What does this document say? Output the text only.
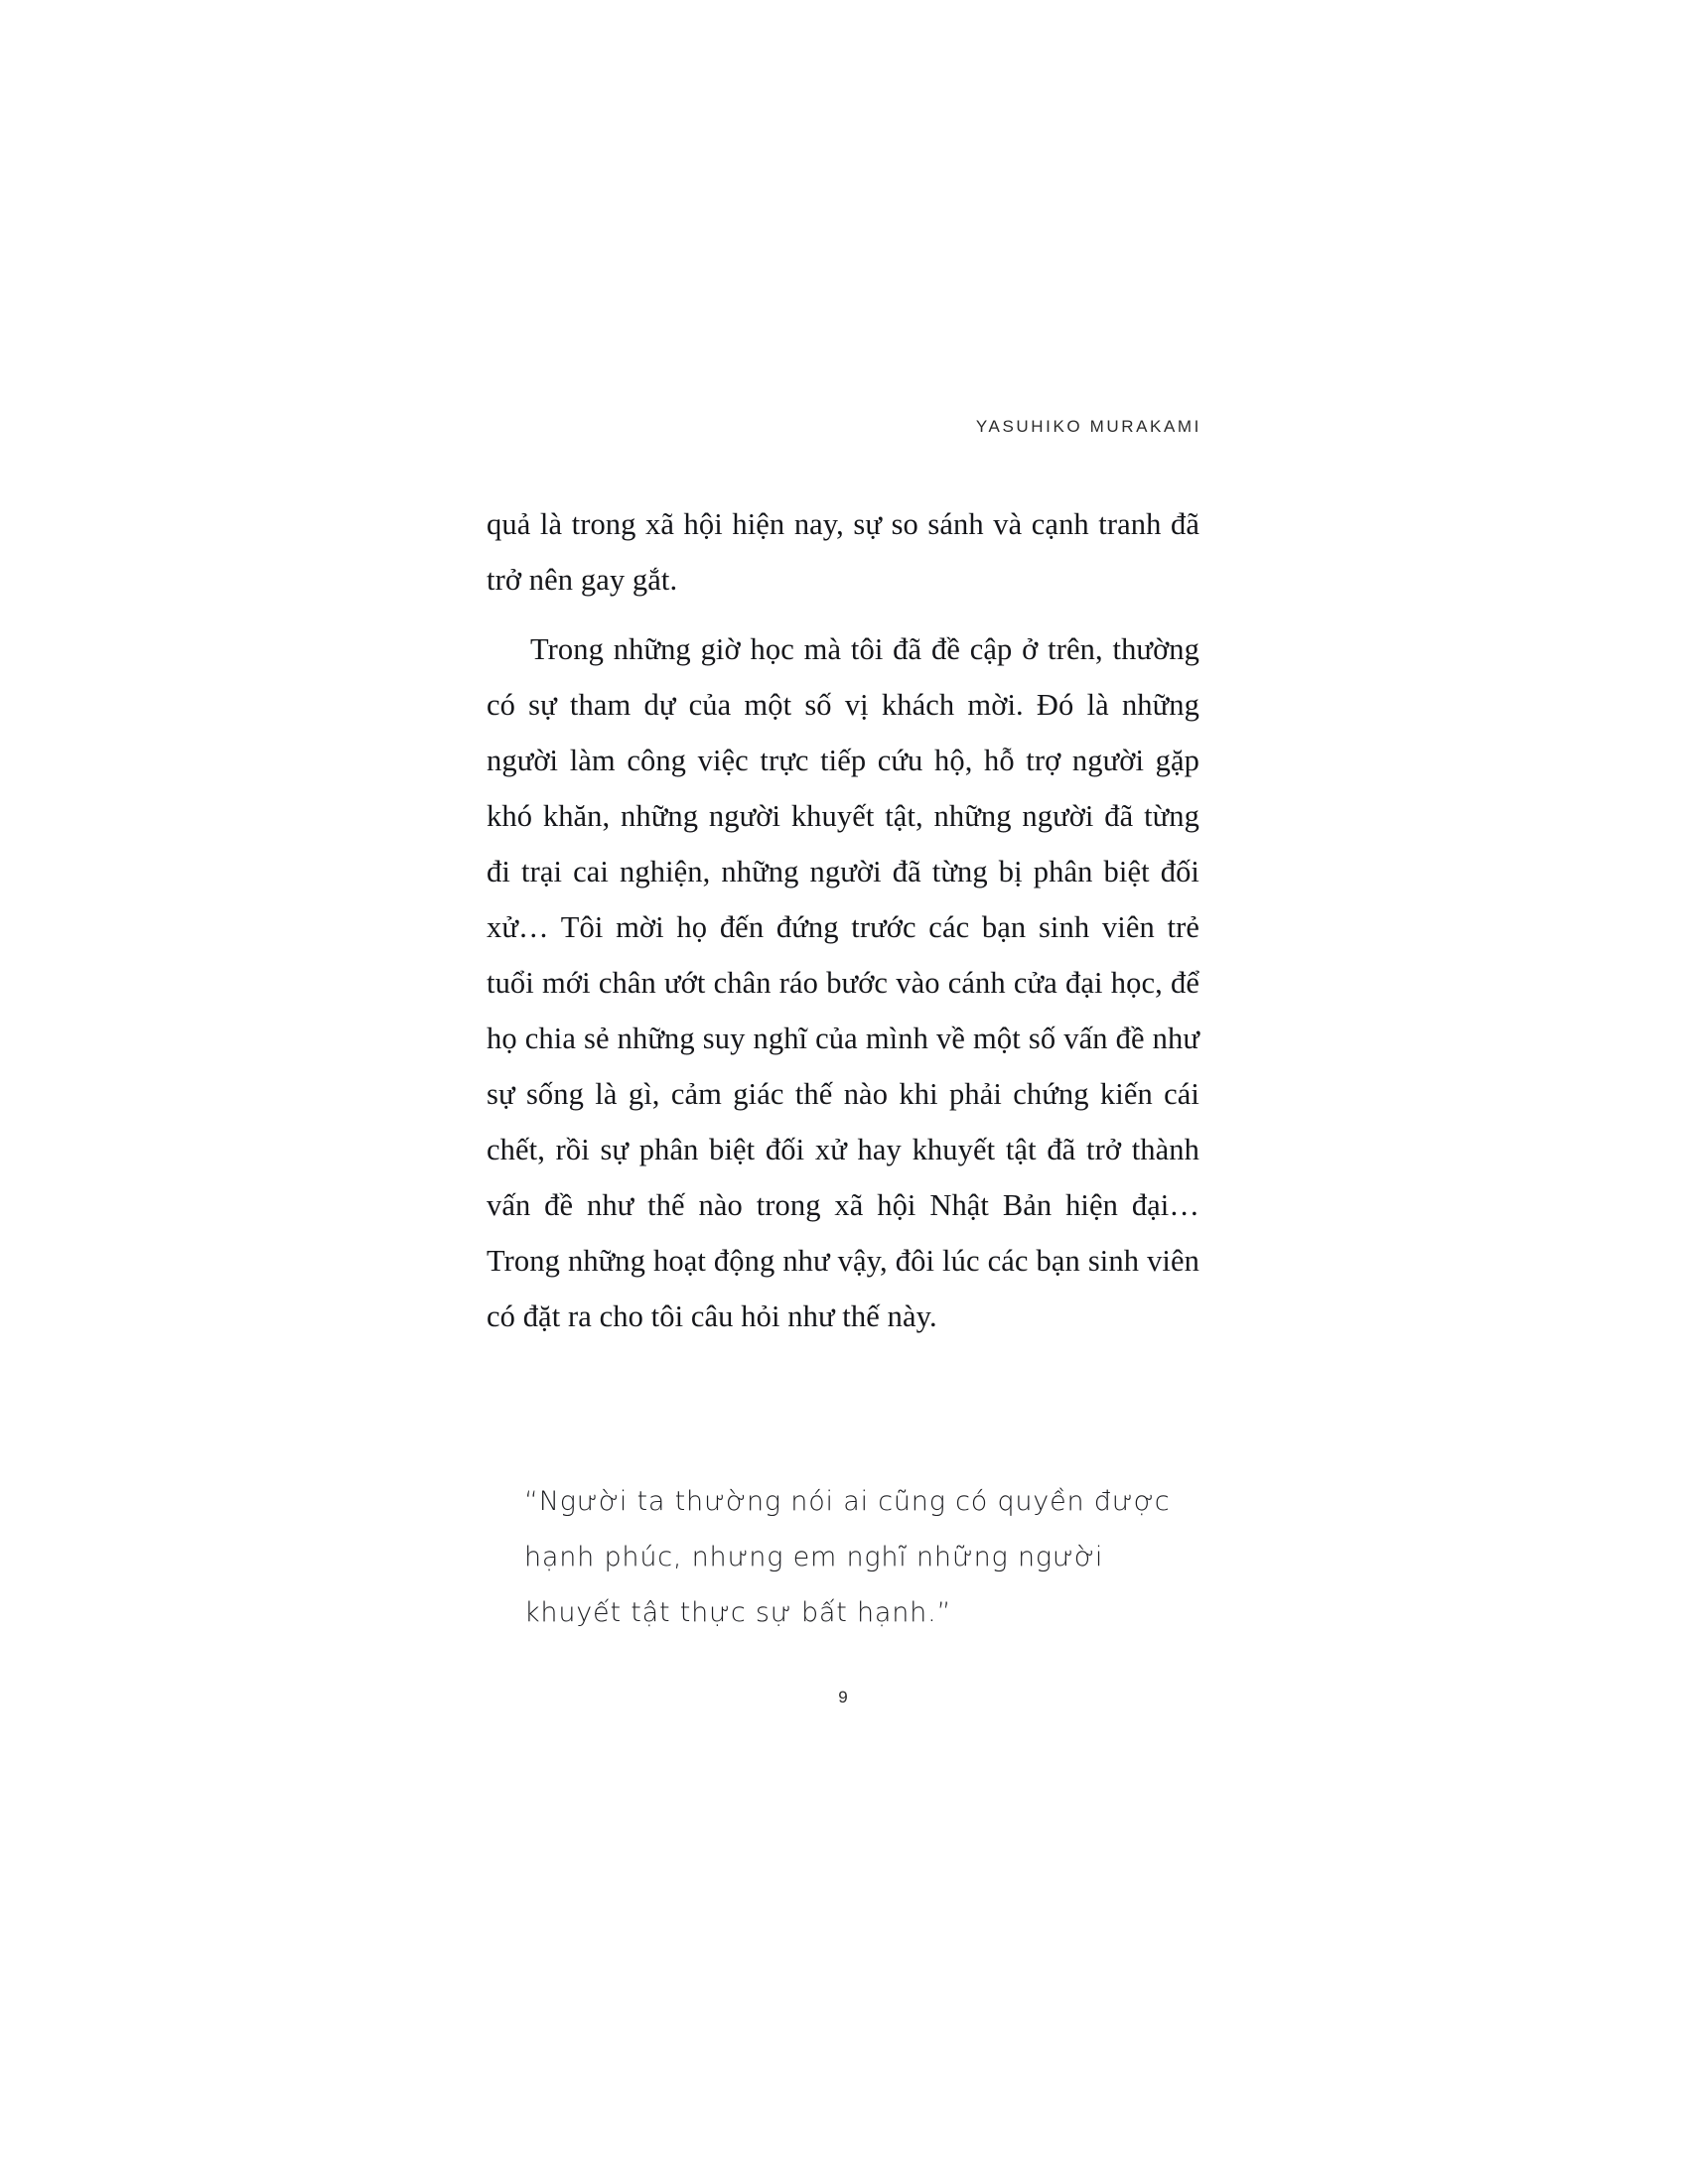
YASUHIKO MURAKAMI

quả là trong xã hội hiện nay, sự so sánh và cạnh tranh đã trở nên gay gắt.

Trong những giờ học mà tôi đã đề cập ở trên, thường có sự tham dự của một số vị khách mời. Đó là những người làm công việc trực tiếp cứu hộ, hỗ trợ người gặp khó khăn, những người khuyết tật, những người đã từng đi trại cai nghiện, những người đã từng bị phân biệt đối xử… Tôi mời họ đến đứng trước các bạn sinh viên trẻ tuổi mới chân ướt chân ráo bước vào cánh cửa đại học, để họ chia sẻ những suy nghĩ của mình về một số vấn đề như sự sống là gì, cảm giác thế nào khi phải chứng kiến cái chết, rồi sự phân biệt đối xử hay khuyết tật đã trở thành vấn đề như thế nào trong xã hội Nhật Bản hiện đại… Trong những hoạt động như vậy, đôi lúc các bạn sinh viên có đặt ra cho tôi câu hỏi như thế này.

“Người ta thường nói ai cũng có quyền được hạnh phúc, nhưng em nghĩ những người khuyết tật thực sự bất hạnh.”

9
